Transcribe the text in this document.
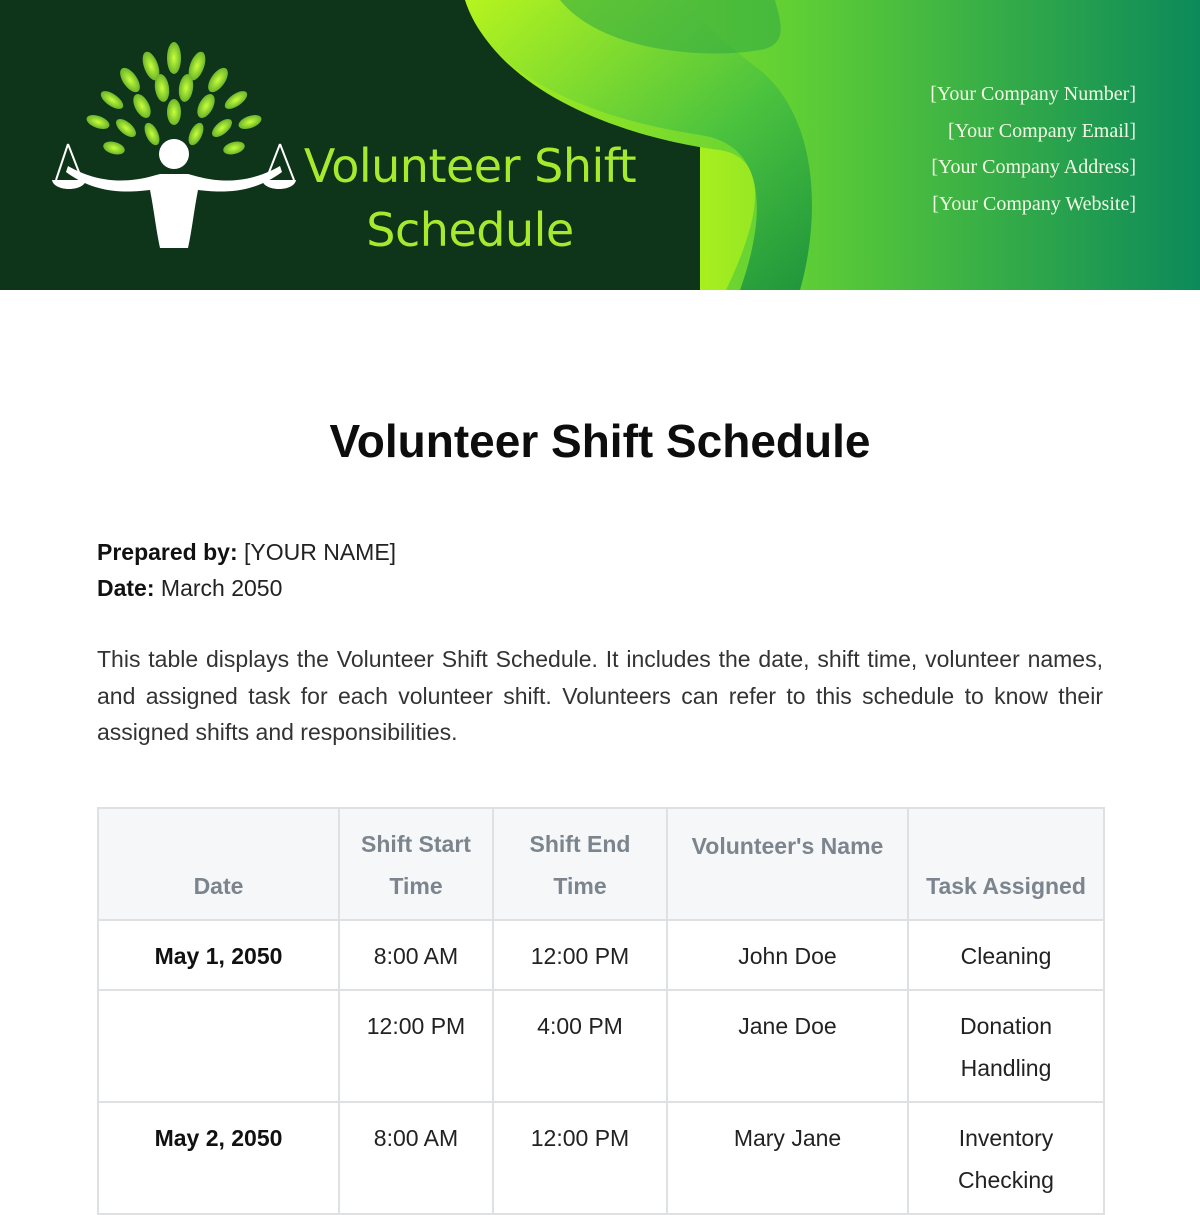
Volunteer Shift
Schedule
[Your Company Number]
[Your Company Email]
[Your Company Address]
[Your Company Website]
Volunteer Shift Schedule
Prepared by: [YOUR NAME]
Date: March 2050
This table displays the Volunteer Shift Schedule. It includes the date, shift time, volunteer names, and assigned task for each volunteer shift. Volunteers can refer to this schedule to know their assigned shifts and responsibilities.
Date	Shift Start Time	Shift End Time	Volunteer's Name	Task Assigned
May 1, 2050	8:00 AM	12:00 PM	John Doe	Cleaning
	12:00 PM	4:00 PM	Jane Doe	Donation Handling
May 2, 2050	8:00 AM	12:00 PM	Mary Jane	Inventory Checking
